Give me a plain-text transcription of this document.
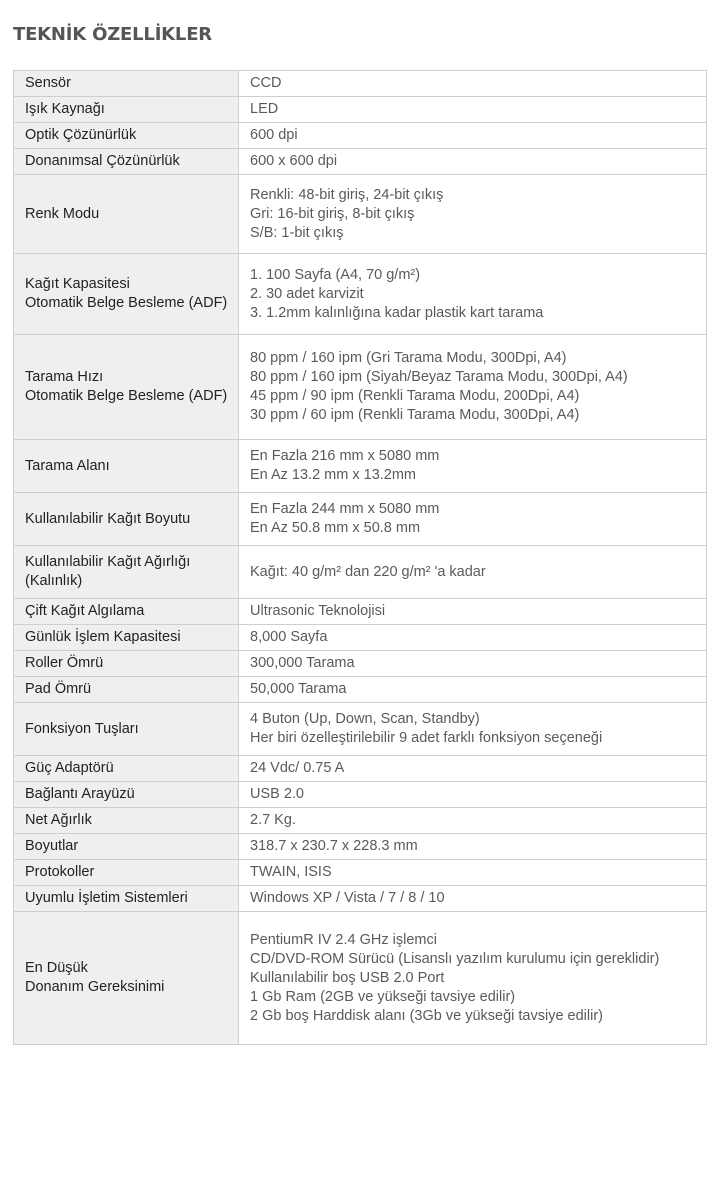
TEKNİK ÖZELLİKLER
Sensör	CCD

Işık Kaynağı	LED

Optik Çözünürlük	600 dpi

Donanımsal Çözünürlük	600 x 600 dpi

Renk Modu	Renkli: 48-bit giriş, 24-bit çıkış
Gri: 16-bit giriş, 8-bit çıkış
S/B: 1-bit çıkış

Kağıt Kapasitesi
Otomatik Belge Besleme (ADF)	1. 100 Sayfa (A4, 70 g/m²)
2. 30 adet karvizit
3. 1.2mm kalınlığına kadar plastik kart tarama

Tarama Hızı
Otomatik Belge Besleme (ADF)	80 ppm / 160 ipm (Gri Tarama Modu, 300Dpi, A4)
80 ppm / 160 ipm (Siyah/Beyaz Tarama Modu, 300Dpi, A4)
45 ppm / 90 ipm (Renkli Tarama Modu, 200Dpi, A4)
30 ppm / 60 ipm (Renkli Tarama Modu, 300Dpi, A4)

Tarama Alanı	En Fazla 216 mm x 5080 mm
En Az 13.2 mm x 13.2mm

Kullanılabilir Kağıt Boyutu	En Fazla 244 mm x 5080 mm
En Az 50.8 mm x 50.8 mm

Kullanılabilir Kağıt Ağırlığı
(Kalınlık)	Kağıt: 40 g/m² dan 220 g/m² 'a kadar

Çift Kağıt Algılama	Ultrasonic Teknolojisi

Günlük İşlem Kapasitesi	8,000 Sayfa

Roller Ömrü	300,000 Tarama

Pad Ömrü	50,000 Tarama

Fonksiyon Tuşları	4 Buton (Up, Down, Scan, Standby)
Her biri özelleştirilebilir 9 adet farklı fonksiyon seçeneği

Güç Adaptörü	24 Vdc/ 0.75 A

Bağlantı Arayüzü	USB 2.0

Net Ağırlık	2.7 Kg.

Boyutlar	318.7 x 230.7 x 228.3 mm

Protokoller	TWAIN, ISIS

Uyumlu İşletim Sistemleri	Windows XP / Vista / 7 / 8 / 10

En Düşük
Donanım Gereksinimi	PentiumR IV 2.4 GHz işlemci
CD/DVD-ROM Sürücü (Lisanslı yazılım kurulumu için gereklidir)
Kullanılabilir boş USB 2.0 Port
1 Gb Ram (2GB ve yükseği tavsiye edilir)
2 Gb boş Harddisk alanı (3Gb ve yükseği tavsiye edilir)
